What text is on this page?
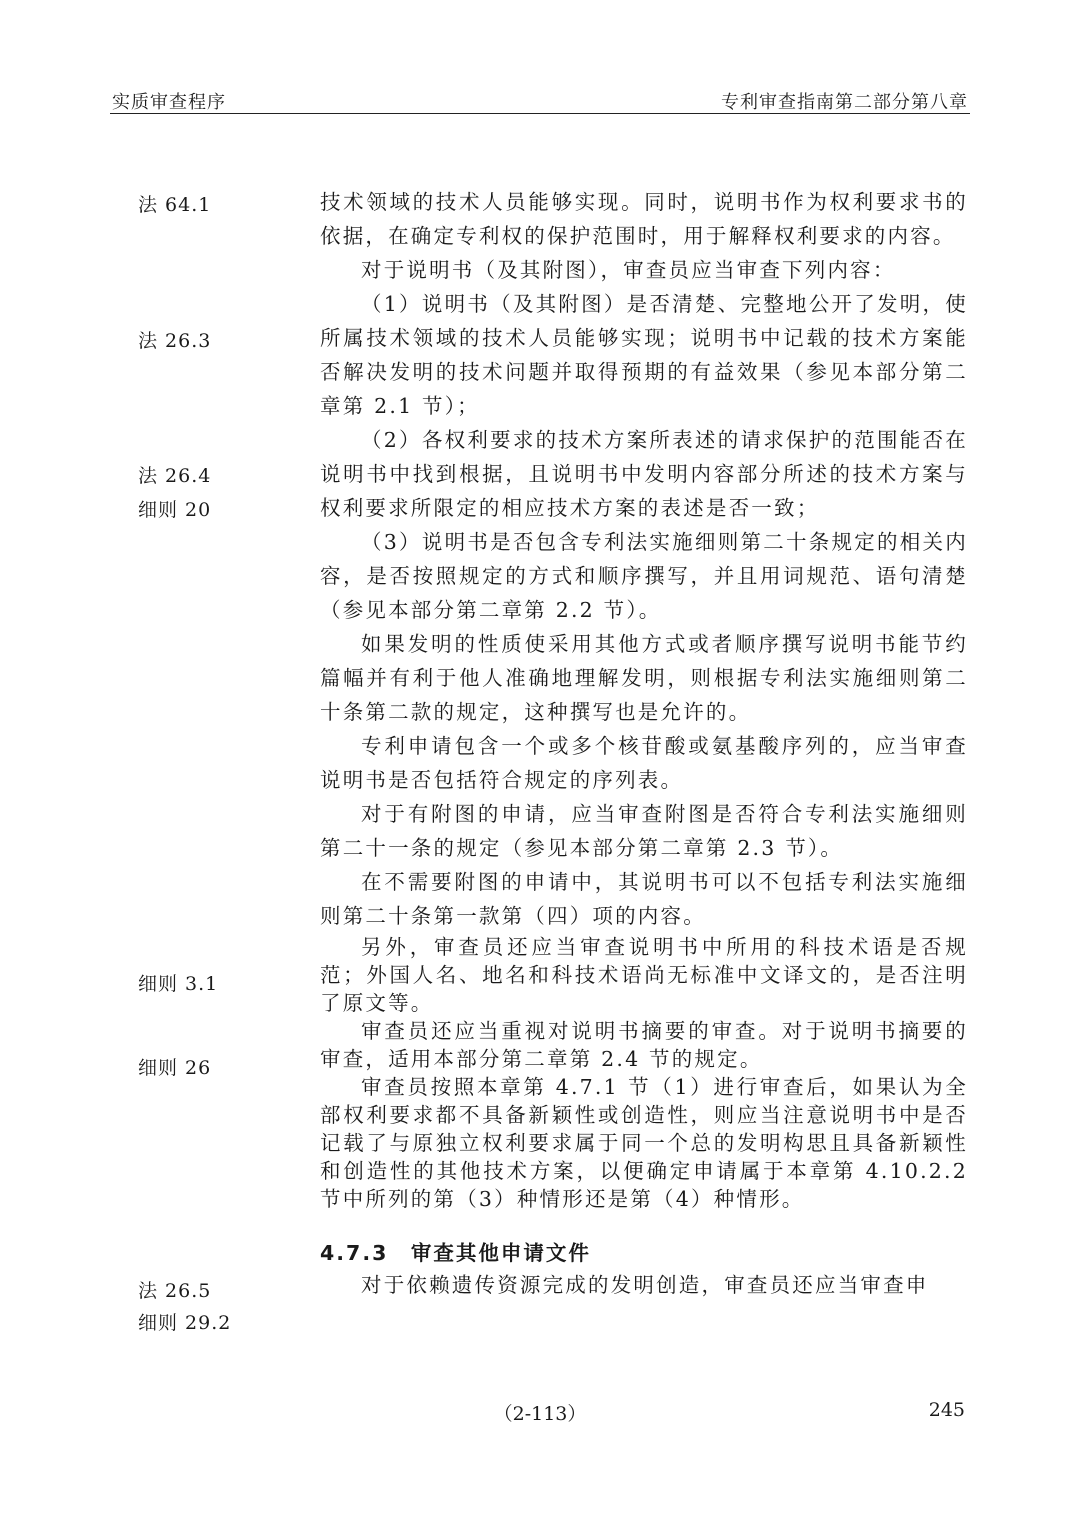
实质审查程序	专利审查指南第二部分第八章
法 64.1
法 26.3
法 26.4
细则 20
细则 3.1
细则 26
法 26.5
细则 29.2

技术领域的技术人员能够实现。同时，说明书作为权利要求书的依据，在确定专利权的保护范围时，用于解释权利要求的内容。

对于说明书（及其附图），审查员应当审查下列内容：

（1）说明书（及其附图）是否清楚、完整地公开了发明，使所属技术领域的技术人员能够实现；说明书中记载的技术方案能否解决发明的技术问题并取得预期的有益效果（参见本部分第二章第 2.1 节）；

（2）各权利要求的技术方案所表述的请求保护的范围能否在说明书中找到根据，且说明书中发明内容部分所述的技术方案与权利要求所限定的相应技术方案的表述是否一致；

（3）说明书是否包含专利法实施细则第二十条规定的相关内容，是否按照规定的方式和顺序撰写，并且用词规范、语句清楚（参见本部分第二章第 2.2 节）。

如果发明的性质使采用其他方式或者顺序撰写说明书能节约篇幅并有利于他人准确地理解发明，则根据专利法实施细则第二十条第二款的规定，这种撰写也是允许的。

专利申请包含一个或多个核苷酸或氨基酸序列的，应当审查说明书是否包括符合规定的序列表。

对于有附图的申请，应当审查附图是否符合专利法实施细则第二十一条的规定（参见本部分第二章第 2.3 节）。

在不需要附图的申请中，其说明书可以不包括专利法实施细则第二十条第一款第（四）项的内容。

另外，审查员还应当审查说明书中所用的科技术语是否规范；外国人名、地名和科技术语尚无标准中文译文的，是否注明了原文等。

审查员还应当重视对说明书摘要的审查。对于说明书摘要的审查，适用本部分第二章第 2.4 节的规定。

审查员按照本章第 4.7.1 节（1）进行审查后，如果认为全部权利要求都不具备新颖性或创造性，则应当注意说明书中是否记载了与原独立权利要求属于同一个总的发明构思且具备新颖性和创造性的其他技术方案，以便确定申请属于本章第 4.10.2.2 节中所列的第（3）种情形还是第（4）种情形。

4.7.3　审查其他申请文件

对于依赖遗传资源完成的发明创造，审查员还应当审查申

（2-113）	245
